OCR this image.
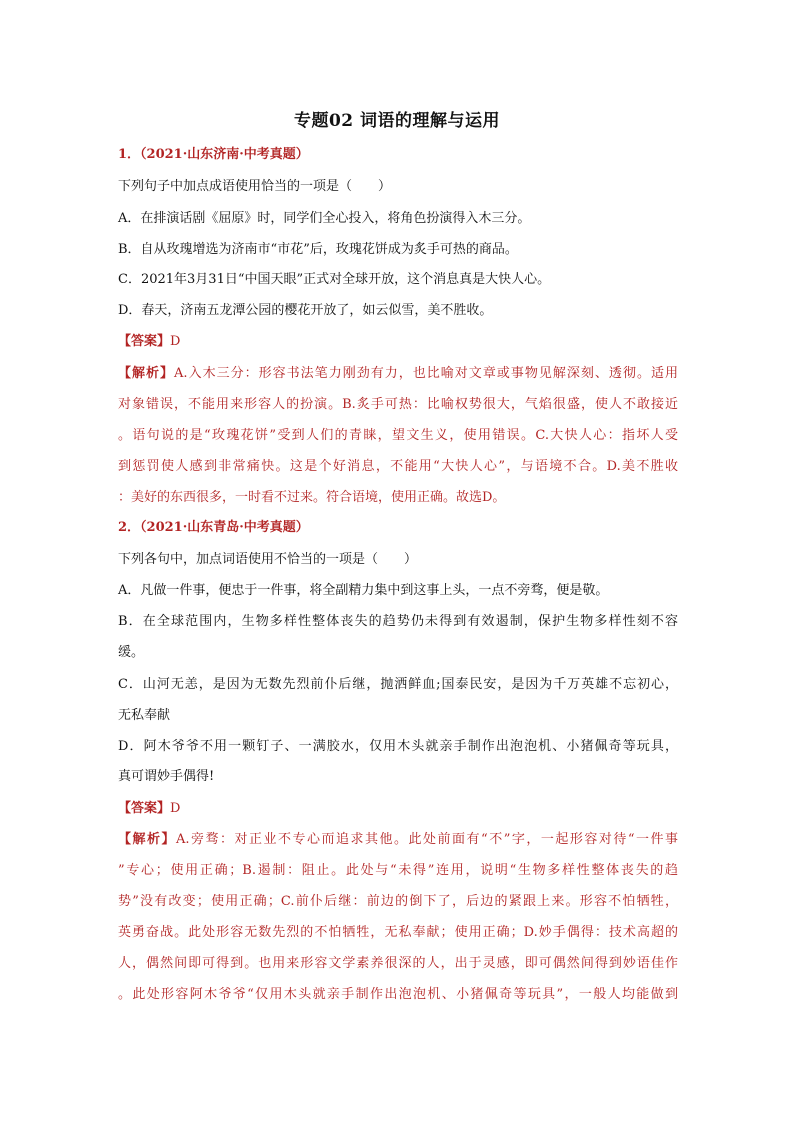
专题02 词语的理解与运用
1．（2021·山东济南·中考真题）
下列句子中加点成语使用恰当的一项是（　　）
A．在排演话剧《屈原》时，同学们全心投入，将角色扮演得入木三分。
B．自从玫瑰增选为济南市“市花”后，玫瑰花饼成为炙手可热的商品。
C．2021年3月31日“中国天眼”正式对全球开放，这个消息真是大快人心。
D．春天，济南五龙潭公园的樱花开放了，如云似雪，美不胜收。
【答案】D
【解析】A.入木三分：形容书法笔力刚劲有力，也比喻对文章或事物见解深刻、透彻。适用
对象错误，不能用来形容人的扮演。B.炙手可热：比喻权势很大，气焰很盛，使人不敢接近
。语句说的是“玫瑰花饼”受到人们的青睐，望文生义，使用错误。C.大快人心：指坏人受
到惩罚使人感到非常痛快。这是个好消息，不能用“大快人心”，与语境不合。D.美不胜收
：美好的东西很多，一时看不过来。符合语境，使用正确。故选D。
2．（2021·山东青岛·中考真题）
下列各句中，加点词语使用不恰当的一项是（　　）
A．凡做一件事，便忠于一件事，将全副精力集中到这事上头，一点不旁骛，便是敬。
B．在全球范围内，生物多样性整体丧失的趋势仍未得到有效遏制，保护生物多样性刻不容
缓。
C．山河无恙，是因为无数先烈前仆后继，抛洒鲜血;国泰民安，是因为千万英雄不忘初心，
无私奉献
D．阿木爷爷不用一颗钉子、一满胶水，仅用木头就亲手制作出泡泡机、小猪佩奇等玩具，
真可谓妙手偶得!
【答案】D
【解析】A.旁骛：对正业不专心而追求其他。此处前面有“不”字，一起形容对待“一件事
”专心；使用正确；B.遏制：阻止。此处与“未得”连用，说明“生物多样性整体丧失的趋
势”没有改变；使用正确；C.前仆后继：前边的倒下了，后边的紧跟上来。形容不怕牺牲，
英勇奋战。此处形容无数先烈的不怕牺牲，无私奉献；使用正确；D.妙手偶得：技术高超的
人，偶然间即可得到。也用来形容文学素养很深的人，出于灵感，即可偶然间得到妙语佳作
。此处形容阿木爷爷“仅用木头就亲手制作出泡泡机、小猪佩奇等玩具”，一般人均能做到
